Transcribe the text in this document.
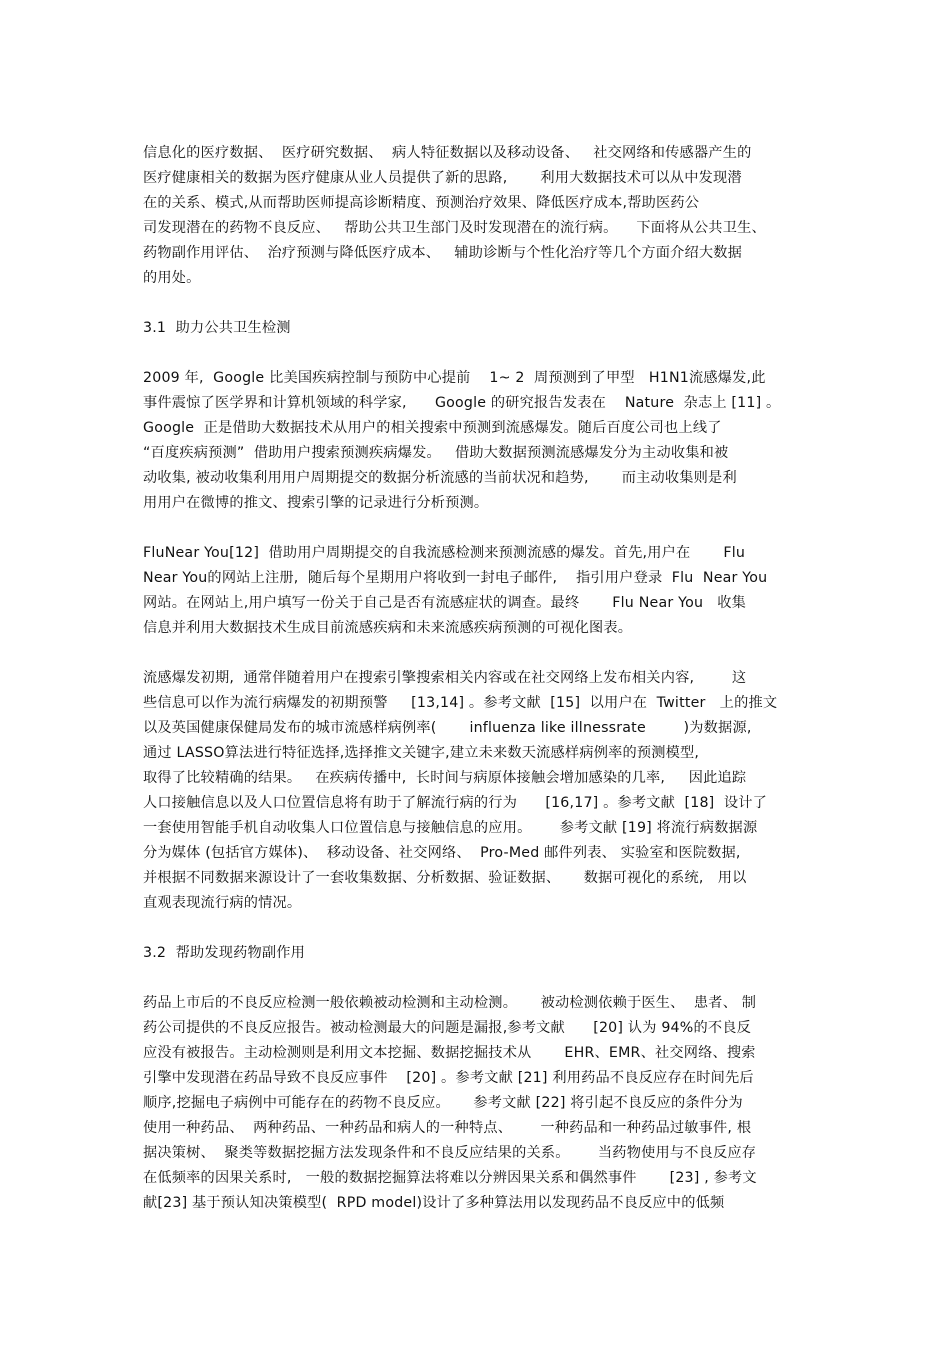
信息化的医疗数据、  医疗研究数据、  病人特征数据以及移动设备、   社交网络和传感器产生的
医疗健康相关的数据为医疗健康从业人员提供了新的思路,       利用大数据技术可以从中发现潜
在的关系、模式,从而帮助医师提高诊断精度、预测治疗效果、降低医疗成本,帮助医药公
司发现潜在的药物不良反应、   帮助公共卫生部门及时发现潜在的流行病。    下面将从公共卫生、
药物副作用评估、  治疗预测与降低医疗成本、   辅助诊断与个性化治疗等几个方面介绍大数据
的用处。
3.1  助力公共卫生检测
2009 年,  Google 比美国疾病控制与预防中心提前    1~ 2  周预测到了甲型   H1N1流感爆发,此
事件震惊了医学界和计算机领域的科学家,      Google 的研究报告发表在    Nature  杂志上 [11] 。
Google  正是借助大数据技术从用户的相关搜索中预测到流感爆发。随后百度公司也上线了
“百度疾病预测”  借助用户搜索预测疾病爆发。   借助大数据预测流感爆发分为主动收集和被
动收集, 被动收集利用用户周期提交的数据分析流感的当前状况和趋势,       而主动收集则是利
用用户在微博的推文、搜索引擎的记录进行分析预测。
FluNear You[12]  借助用户周期提交的自我流感检测来预测流感的爆发。首先,用户在       Flu
Near You的网站上注册,  随后每个星期用户将收到一封电子邮件,    指引用户登录  Flu  Near You
网站。在网站上,用户填写一份关于自己是否有流感症状的调查。最终       Flu Near You   收集
信息并利用大数据技术生成目前流感疾病和未来流感疾病预测的可视化图表。
流感爆发初期,  通常伴随着用户在搜索引擎搜索相关内容或在社交网络上发布相关内容,        这
些信息可以作为流行病爆发的初期预警     [13,14] 。参考文献  [15]  以用户在  Twitter   上的推文
以及英国健康保健局发布的城市流感样病例率(       influenza like illnessrate        )为数据源,
通过 LASSO算法进行特征选择,选择推文关键字,建立未来数天流感样病例率的预测模型,
取得了比较精确的结果。   在疾病传播中,  长时间与病原体接触会增加感染的几率,     因此追踪
人口接触信息以及人口位置信息将有助于了解流行病的行为      [16,17] 。参考文献  [18]  设计了
一套使用智能手机自动收集人口位置信息与接触信息的应用。      参考文献 [19] 将流行病数据源
分为媒体 (包括官方媒体)、  移动设备、社交网络、  Pro-Med 邮件列表、 实验室和医院数据,
并根据不同数据来源设计了一套收集数据、分析数据、验证数据、     数据可视化的系统,   用以
直观表现流行病的情况。
3.2  帮助发现药物副作用
药品上市后的不良反应检测一般依赖被动检测和主动检测。     被动检测依赖于医生、  患者、 制
药公司提供的不良反应报告。被动检测最大的问题是漏报,参考文献      [20] 认为 94%的不良反
应没有被报告。主动检测则是利用文本挖掘、数据挖掘技术从       EHR、EMR、社交网络、搜索
引擎中发现潜在药品导致不良反应事件    [20] 。参考文献 [21] 利用药品不良反应存在时间先后
顺序,挖掘电子病例中可能存在的药物不良反应。     参考文献 [22] 将引起不良反应的条件分为
使用一种药品、  两种药品、一种药品和病人的一种特点、      一种药品和一种药品过敏事件, 根
据决策树、  聚类等数据挖掘方法发现条件和不良反应结果的关系。      当药物使用与不良反应存
在低频率的因果关系时,   一般的数据挖掘算法将难以分辨因果关系和偶然事件       [23] , 参考文
献[23] 基于预认知决策模型(  RPD model)设计了多种算法用以发现药品不良反应中的低频
